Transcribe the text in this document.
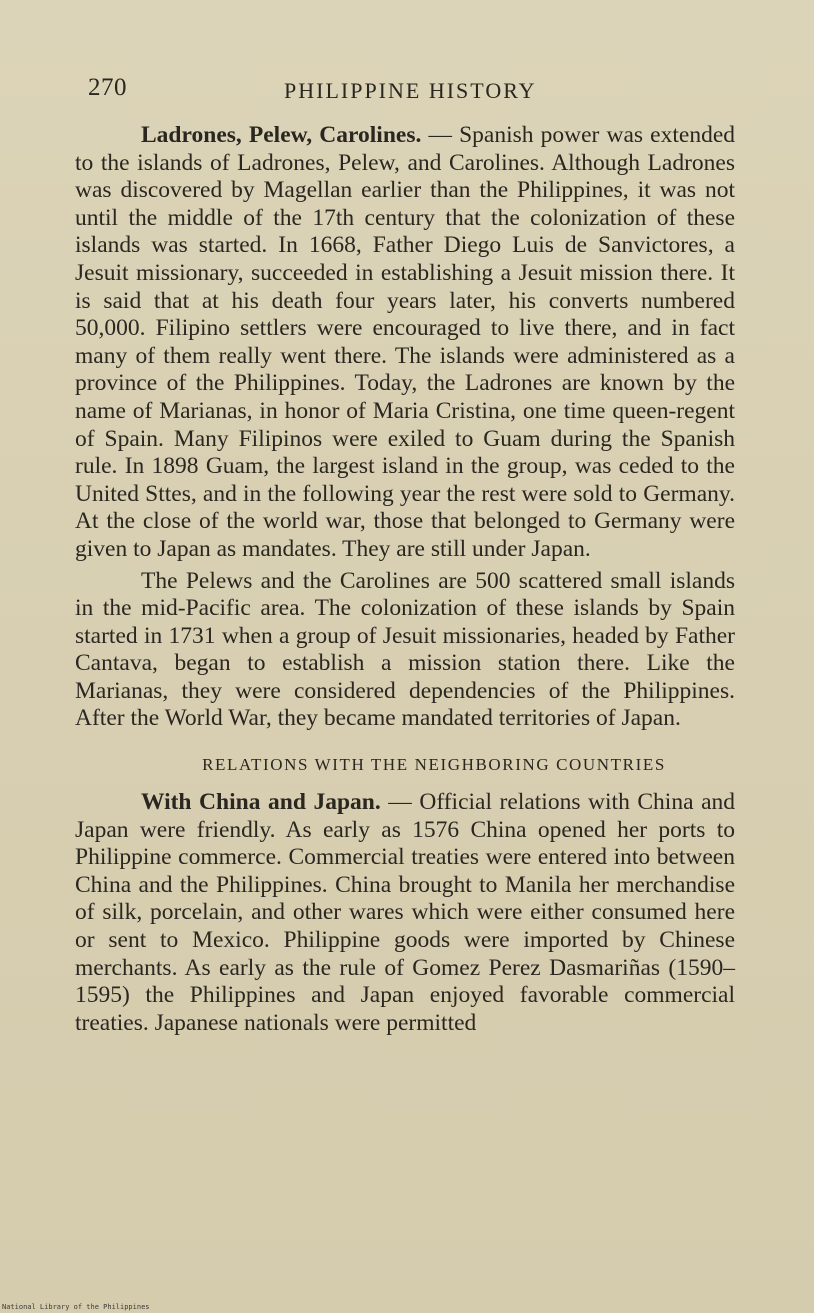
270	PHILIPPINE HISTORY

Ladrones, Pelew, Carolines. — Spanish power was extended to the islands of Ladrones, Pelew, and Carolines. Although Ladrones was discovered by Magellan earlier than the Philippines, it was not until the middle of the 17th century that the colonization of these islands was started. In 1668, Father Diego Luis de Sanvictores, a Jesuit missionary, succeeded in establishing a Jesuit mission there. It is said that at his death four years later, his converts numbered 50,000. Filipino settlers were encouraged to live there, and in fact many of them really went there. The islands were administered as a province of the Philippines. Today, the Ladrones are known by the name of Marianas, in honor of Maria Cristina, one time queen-regent of Spain. Many Filipinos were exiled to Guam during the Spanish rule. In 1898 Guam, the largest island in the group, was ceded to the United Sttes, and in the following year the rest were sold to Germany. At the close of the world war, those that belonged to Germany were given to Japan as mandates. They are still under Japan.

The Pelews and the Carolines are 500 scattered small islands in the mid-Pacific area. The colonization of these islands by Spain started in 1731 when a group of Jesuit missionaries, headed by Father Cantava, began to establish a mission station there. Like the Marianas, they were considered dependencies of the Philippines. After the World War, they became mandated territories of Japan.

RELATIONS WITH THE NEIGHBORING COUNTRIES

With China and Japan. — Official relations with China and Japan were friendly. As early as 1576 China opened her ports to Philippine commerce. Commercial treaties were entered into between China and the Philippines. China brought to Manila her merchandise of silk, porcelain, and other wares which were either consumed here or sent to Mexico. Philippine goods were imported by Chinese merchants. As early as the rule of Gomez Perez Dasmariñas (1590–1595) the Philippines and Japan enjoyed favorable commercial treaties. Japanese nationals were permitted

National Library of the Philippines
